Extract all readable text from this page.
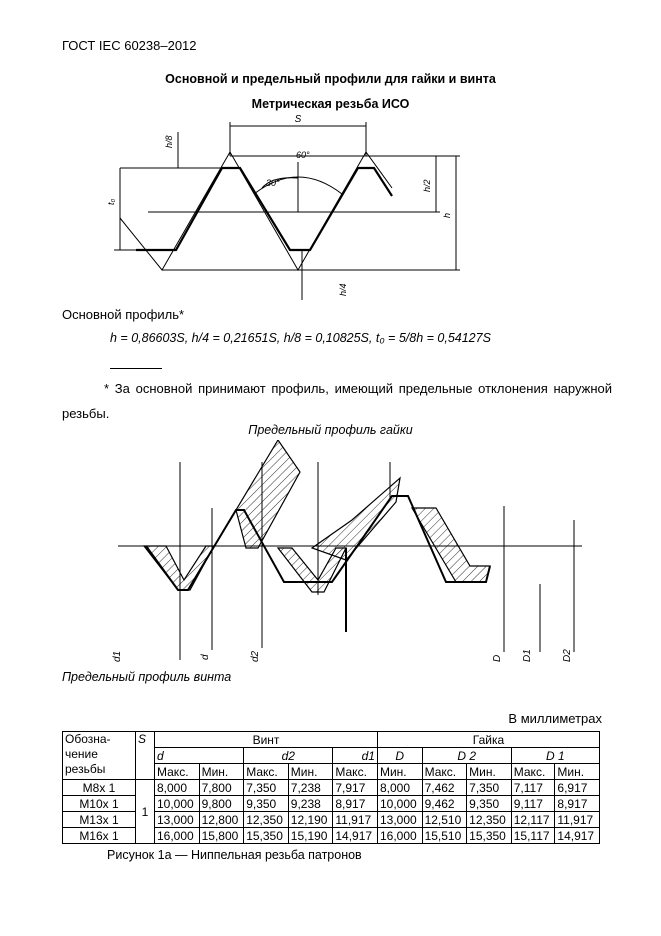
ГОСТ IEC 60238–2012
Основной и предельный профили для гайки и винта
Метрическая резьба ИСО
S
h/8
60°
30°
t₀
h/2
h
h/4
Основной профиль*
h = 0,86603S, h/4 = 0,21651S, h/8 = 0,10825S, t₀ = 5/8h = 0,54127S
* За основной принимают профиль, имеющий предельные отклонения наружной резьбы.
Предельный профиль гайки
d1	d	d2	D D1	D2
Предельный профиль винта
В миллиметрах
Обозна-
чение
резьбы	S	Винт					Гайка				
		d		d2		d1	D	D 2		D 1	
		Макс.	Мин.	Макс.	Мин.	Макс.	Мин.	Макс.	Мин.	Макс.	Мин.
M8x 1	1	8,000	7,800	7,350	7,238	7,917	8,000	7,462	7,350	7,117	6,917
M10x 1		10,000	9,800	9,350	9,238	8,917	10,000	9,462	9,350	9,117	8,917
M13x 1		13,000	12,800	12,350	12,190	11,917	13,000	12,510	12,350	12,117	11,917
M16x 1		16,000	15,800	15,350	15,190	14,917	16,000	15,510	15,350	15,117	14,917
Рисунок 1а — Ниппельная резьба патронов
